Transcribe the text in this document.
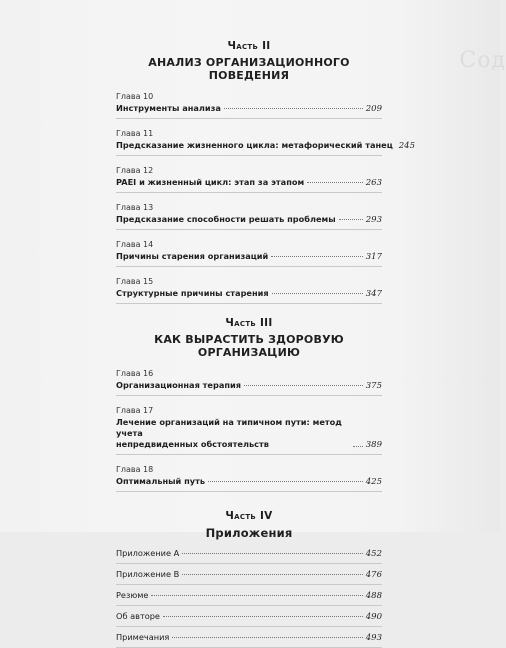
Сод
Часть II
АНАЛИЗ ОРГАНИЗАЦИОННОГО ПОВЕДЕНИЯ
Глава 10
Инструменты анализа	209
Глава 11
Предсказание жизненного цикла: метафорический танец 245
Глава 12
PAEI и жизненный цикл: этап за этапом	263
Глава 13
Предсказание способности решать проблемы	293
Глава 14
Причины старения организаций	317
Глава 15
Структурные причины старения	347
Часть III
КАК ВЫРАСТИТЬ ЗДОРОВУЮ ОРГАНИЗАЦИЮ
Глава 16
Организационная терапия	375
Глава 17
Лечение организаций на типичном пути: метод учета
непредвиденных обстоятельств	389
Глава 18
Оптимальный путь	425
Часть IV
Приложения
Приложение А	452
Приложение В	476
Резюме	488
Об авторе	490
Примечания	493
